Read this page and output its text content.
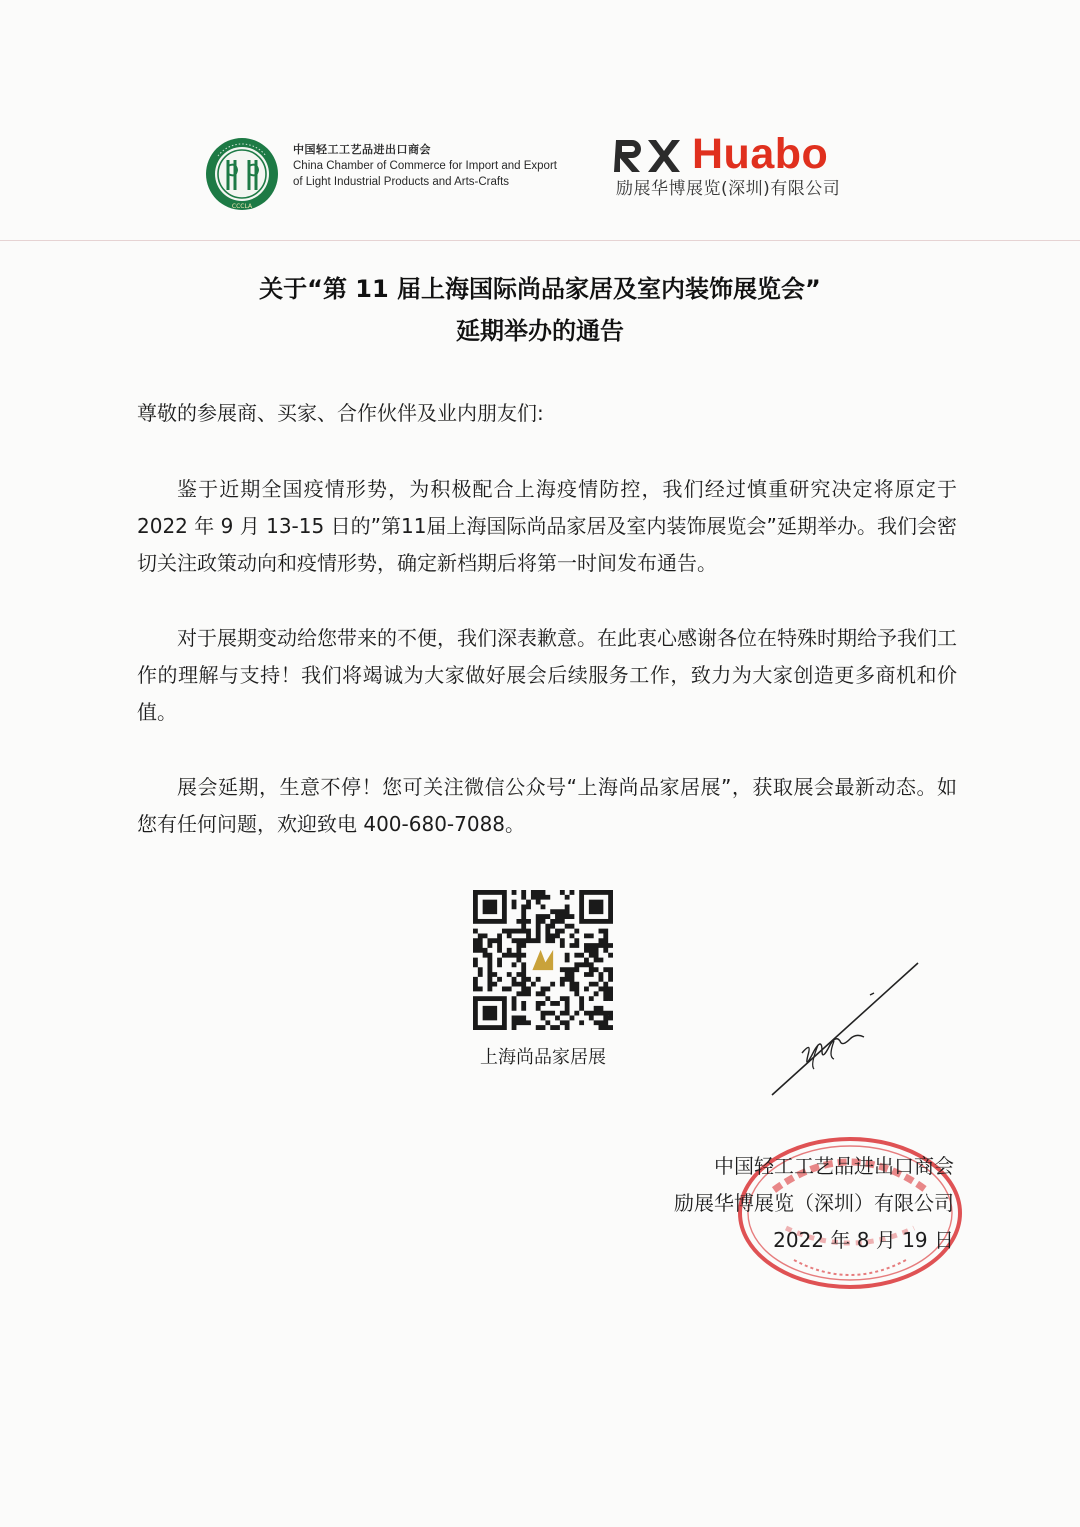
CCCLA
中国轻工工艺品进出口商会
China Chamber of Commerce for Import and Export
of Light Industrial Products and Arts-Crafts
Huabo
励展华博展览(深圳)有限公司
关于“第 11 届上海国际尚品家居及室内装饰展览会”
延期举办的通告
尊敬的参展商、买家、合作伙伴及业内朋友们:
鉴于近期全国疫情形势，为积极配合上海疫情防控，我们经过慎重研究决定将原定于 2022 年 9 月 13-15 日的”第11届上海国际尚品家居及室内装饰展览会”延期举办。我们会密切关注政策动向和疫情形势，确定新档期后将第一时间发布通告。
对于展期变动给您带来的不便，我们深表歉意。在此衷心感谢各位在特殊时期给予我们工作的理解与支持！我们将竭诚为大家做好展会后续服务工作，致力为大家创造更多商机和价值。
展会延期，生意不停！您可关注微信公众号“上海尚品家居展”，获取展会最新动态。如您有任何问题，欢迎致电 400-680-7088。
上海尚品家居展
中国轻工工艺品进出口商会
励展华博展览（深圳）有限公司
2022 年 8 月 19 日
